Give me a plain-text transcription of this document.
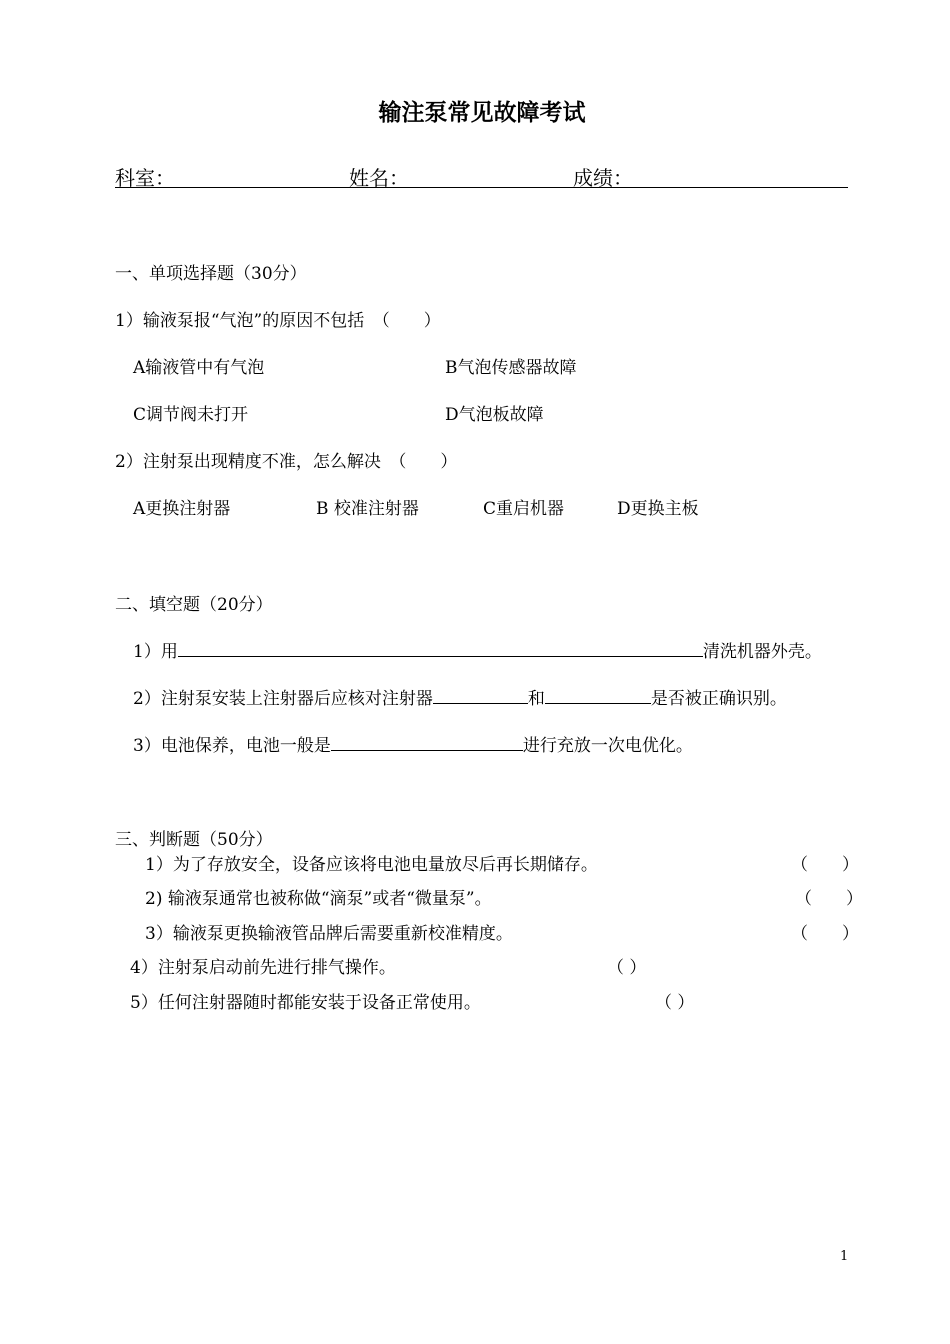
输注泵常见故障考试
科室：	姓名：	成绩：
一、单项选择题（30分）
1）输液泵报“气泡”的原因不包括　（　　）
A输液管中有气泡	B气泡传感器故障
C调节阀未打开	D气泡板故障
2）注射泵出现精度不准，怎么解决　（　　）
A更换注射器	B 校准注射器	C重启机器	D更换主板
二、填空题（20分）
1）用	清洗机器外壳。
2）注射泵安装上注射器后应核对注射器	和	是否被正确识别。
3）电池保养，电池一般是	进行充放一次电优化。
三、判断题（50分）
1）为了存放安全，设备应该将电池电量放尽后再长期储存。	（　　）
2) 输液泵通常也被称做“滴泵”或者“微量泵”。	（　　）
3）输液泵更换输液管品牌后需要重新校准精度。	（　　）
4）注射泵启动前先进行排气操作。	（ ）
5）任何注射器随时都能安装于设备正常使用。	（ ）
1
